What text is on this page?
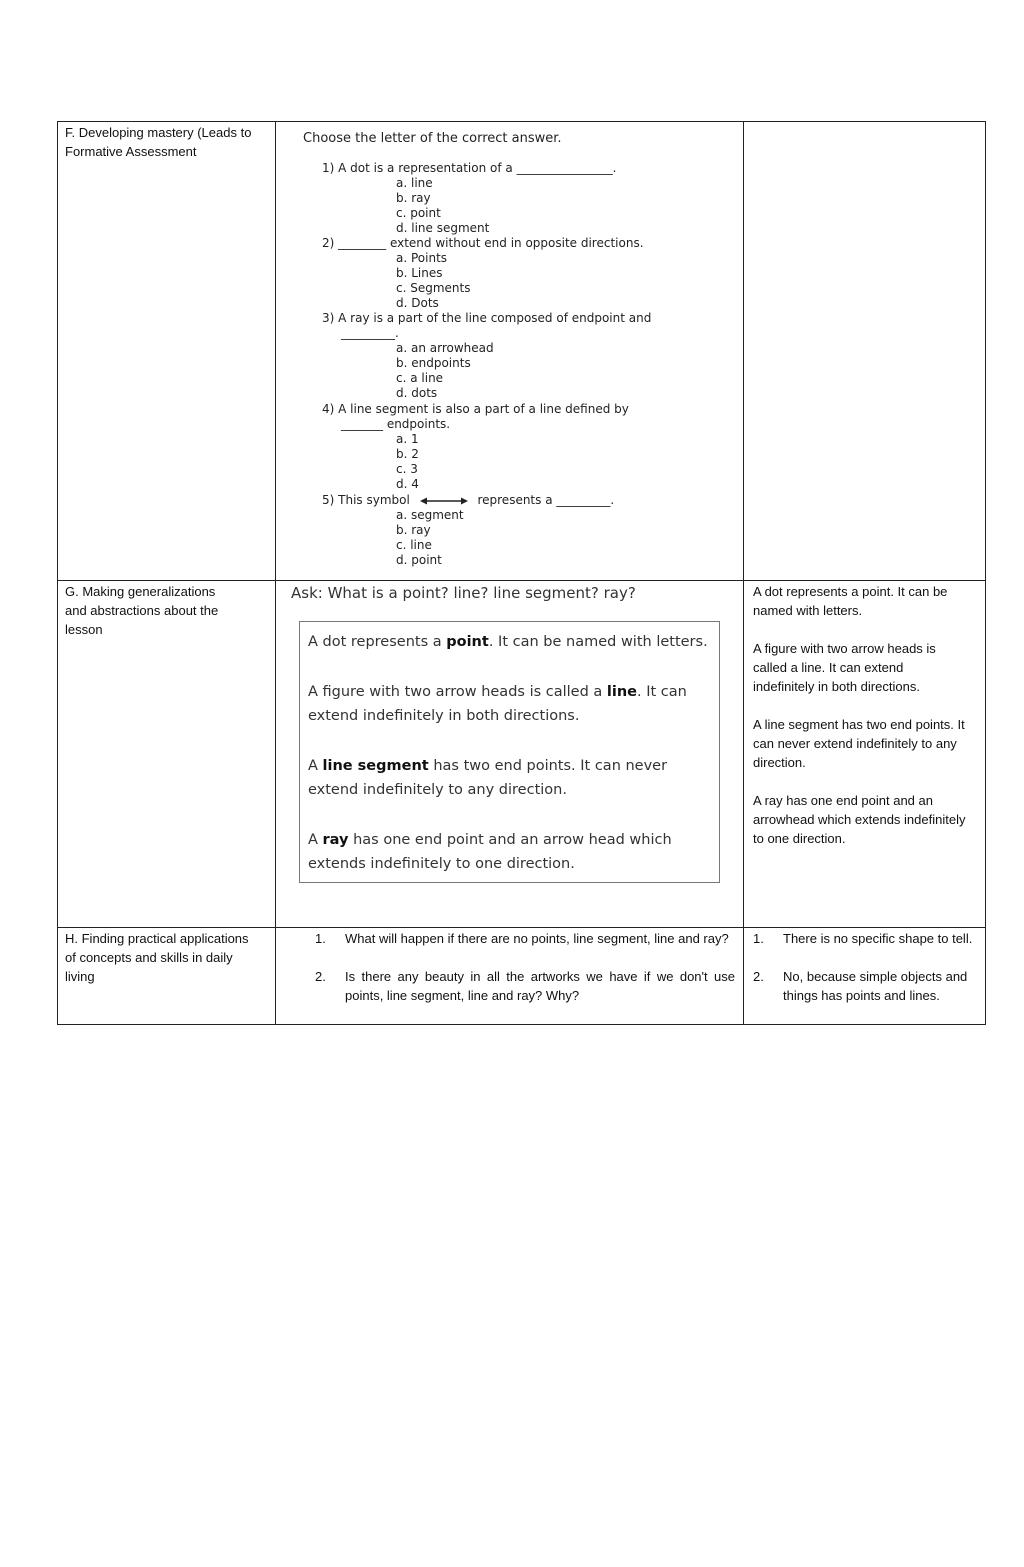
F. Developing mastery (Leads to Formative Assessment
Choose the letter of the correct answer.
1) A dot is a representation of a ________________.
a. line
b. ray
c. point
d. line segment
2) ________ extend without end in opposite directions.
a. Points
b. Lines
c. Segments
d. Dots
3) A ray is a part of the line composed of endpoint and
_________.
a. an arrowhead
b. endpoints
c. a line
d. dots
4) A line segment is also a part of a line defined by
_______ endpoints.
a. 1
b. 2
c. 3
d. 4
5) This symbol	represents a _________.
a. segment
b. ray
c. line
d. point
G. Making generalizations and abstractions about the lesson
Ask: What is a point? line? line segment? ray?
A dot represents a point. It can be named with letters.
A figure with two arrow heads is called a line. It can extend indefinitely in both directions.
A line segment has two end points. It can never extend indefinitely to any direction.
A ray has one end point and an arrow head which extends indefinitely to one direction.

A dot represents a point. It can be named with letters.

A figure with two arrow heads is called a line. It can extend indefinitely in both directions.

A line segment has two end points. It can never extend indefinitely to any direction.

A ray has one end point and an arrowhead which extends indefinitely to one direction.

H. Finding practical applications of concepts and skills in daily living
1. What will happen if there are no points, line segment, line and ray?
2. Is there any beauty in all the artworks we have if we don't use points, line segment, line and ray? Why?
1. There is no specific shape to tell.
2. No, because simple objects and things has points and lines.
